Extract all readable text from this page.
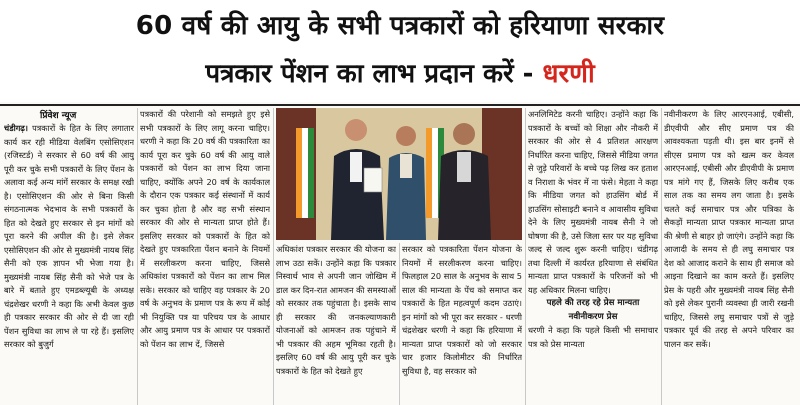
60 वर्ष की आयु के सभी पत्रकारों को हरियाणा सरकार
पत्रकार पेंशन का लाभ प्रदान करें - धरणी
प्रिंवेश न्यूज

चंडीगढ़। पत्रकारों के हित के लिए लगातार कार्य कर रही मीडिया वेलबिंग एसोसिएशन (रजिस्टर्ड) ने सरकार से 60 वर्ष की आयु पूरी कर चुके सभी पत्रकारों के लिए पेंशन के अलावा कई अन्य मांगें सरकार के समक्ष रखी है। एसोसिएशन की ओर से बिना किसी संगठनात्मक भेदभाव के सभी पत्रकारों के हित को देखते हुए सरकार से इन मांगों को पूरा करने की अपील की है। इसे लेकर एसोसिएशन की ओर से मुख्यमंत्री नायब सिंह सैनी को एक ज्ञापन भी भेजा गया है। मुख्यमंत्री नायब सिंह सैनी को भेजे पत्र के बारे में बताते हुए एमडब्ल्यूबी के अध्यक्ष चंद्रशेखर धरणी ने कहा कि अभी केवल कुछ ही पत्रकार सरकार की ओर से दी जा रही पेंशन सुविधा का लाभ ले पा रहे हैं। इसलिए सरकार को बुजुर्ग

पत्रकारों की परेशानी को समझते हुए इसे सभी पत्रकारों के लिए लागू करना चाहिए। धरणी ने कहा कि 20 वर्ष की पत्रकारिता का कार्य पूरा कर चुके 60 वर्ष की आयु वाले पत्रकारों को पेंशन का लाभ दिया जाना चाहिए, क्योंकि अपने 20 वर्ष के कार्यकाल के दौरान एक पत्रकार कई संस्थानों में कार्य कर चुका होता है और वह सभी संस्थान सरकार की ओर से मान्यता प्राप्त होते हैं। इसलिए सरकार को पत्रकारों के हित को देखते हुए पत्रकारिता पेंशन बनाने के नियमों में सरलीकरण करना चाहिए, जिससे अधिकांश पत्रकारों को पेंशन का लाभ मिल सके। सरकार को चाहिए वह पत्रकार के 20 वर्ष के अनुभव के प्रमाण पत्र के रूप में कोई भी नियुक्ति पत्र या परिचय पत्र के आधार और आयु प्रमाण पत्र के आधार पर पत्रकारों को पेंशन का लाभ दें, जिससे

अधिकांश पत्रकार सरकार की योजना का लाभ उठा सकें। उन्होंने कहा कि पत्रकार निस्वार्थ भाव से अपनी जान जोखिम में डाल कर दिन-रात आमजन की समस्याओं को सरकार तक पहुंचाता है। इसके साथ ही सरकार की जनकल्याणकारी योजनाओं को आमजन तक पहुंचाने में भी पत्रकार की अहम भूमिका रहती है। इसलिए 60 वर्ष की आयु पूरी कर चुके पत्रकारों के हित को देखते हुए

सरकार को पत्रकारिता पेंशन योजना के नियमों में सरलीकरण करना चाहिए। फिलहाल 20 साल के अनुभव के साथ 5 साल की मान्यता के पेंच को समाप्त कर पत्रकारों के हित महत्वपूर्ण कदम उठाएं। इन मांगों को भी पूरा कर सरकार - धरणी चंद्रशेखर धरणी ने कहा कि हरियाणा में मान्यता प्राप्त पत्रकारों को जो सरकार चार हजार किलोमीटर की निर्धारित सुविधा है, वह सरकार को

अनलिमिटेड करनी चाहिए। उन्होंने कहा कि पत्रकारों के बच्चों को शिक्षा और नौकरी में सरकार की ओर से 4 प्रतिशत आरक्षण निर्धारित करना चाहिए, जिससे मीडिया जगत से जुड़े परिवारों के बच्चे पढ़ लिख कर हताश व निराशा के भंवर में ना फंसे। मेहता ने कहा कि मीडिया जगत को हाउसिंग बोर्ड में हाउसिंग सोसाइटी बनाने व आवासीय सुविधा देने के लिए मुख्यमंत्री नायब सैनी ने जो घोषणा की है, उसे जिला स्तर पर यह सुविधा जल्द से जल्द शुरू करनी चाहिए। चंडीगढ़ तथा दिल्ली में कार्यरत हरियाणा से संबंधित मान्यता प्राप्त पत्रकारों के परिजनों को भी यह अधिकार मिलना चाहिए।

पहले की तरह रहे प्रेस मान्यता
नवीनीकरण प्रेस

धरणी ने कहा कि पहले किसी भी समाचार पत्र को प्रेस मान्यता

नवीनीकरण के लिए आरएनआई, एबीसी, डीएवीपी और सीए प्रमाण पत्र की आवश्यकता पड़ती थी। इस बार इनमें से सीएस प्रमाण पत्र को खत्म कर केवल आरएनआई, एबीसी और डीएवीपी के प्रमाण पत्र मांगे गए हैं, जिसके लिए करीब एक साल तक का समय लग जाता है। इसके चलते कई समाचार पत्र और पत्रिका के सैकड़ों मान्यता प्राप्त पत्रकार मान्यता प्राप्त की श्रेणी से बाहर हो जाएंगे। उन्होंने कहा कि आजादी के समय से ही लघु समाचार पत्र देश को आजाद कराने के साथ ही समाज को आइना दिखाने का काम करते हैं। इसलिए प्रेस के पहरी और मुख्यमंत्री नायब सिंह सैनी को इसे लेकर पुरानी व्यवस्था ही जारी रखनी चाहिए, जिससे लघु समाचार पत्रों से जुड़े पत्रकार पूर्व की तरह से अपने परिवार का पालन कर सकें।
